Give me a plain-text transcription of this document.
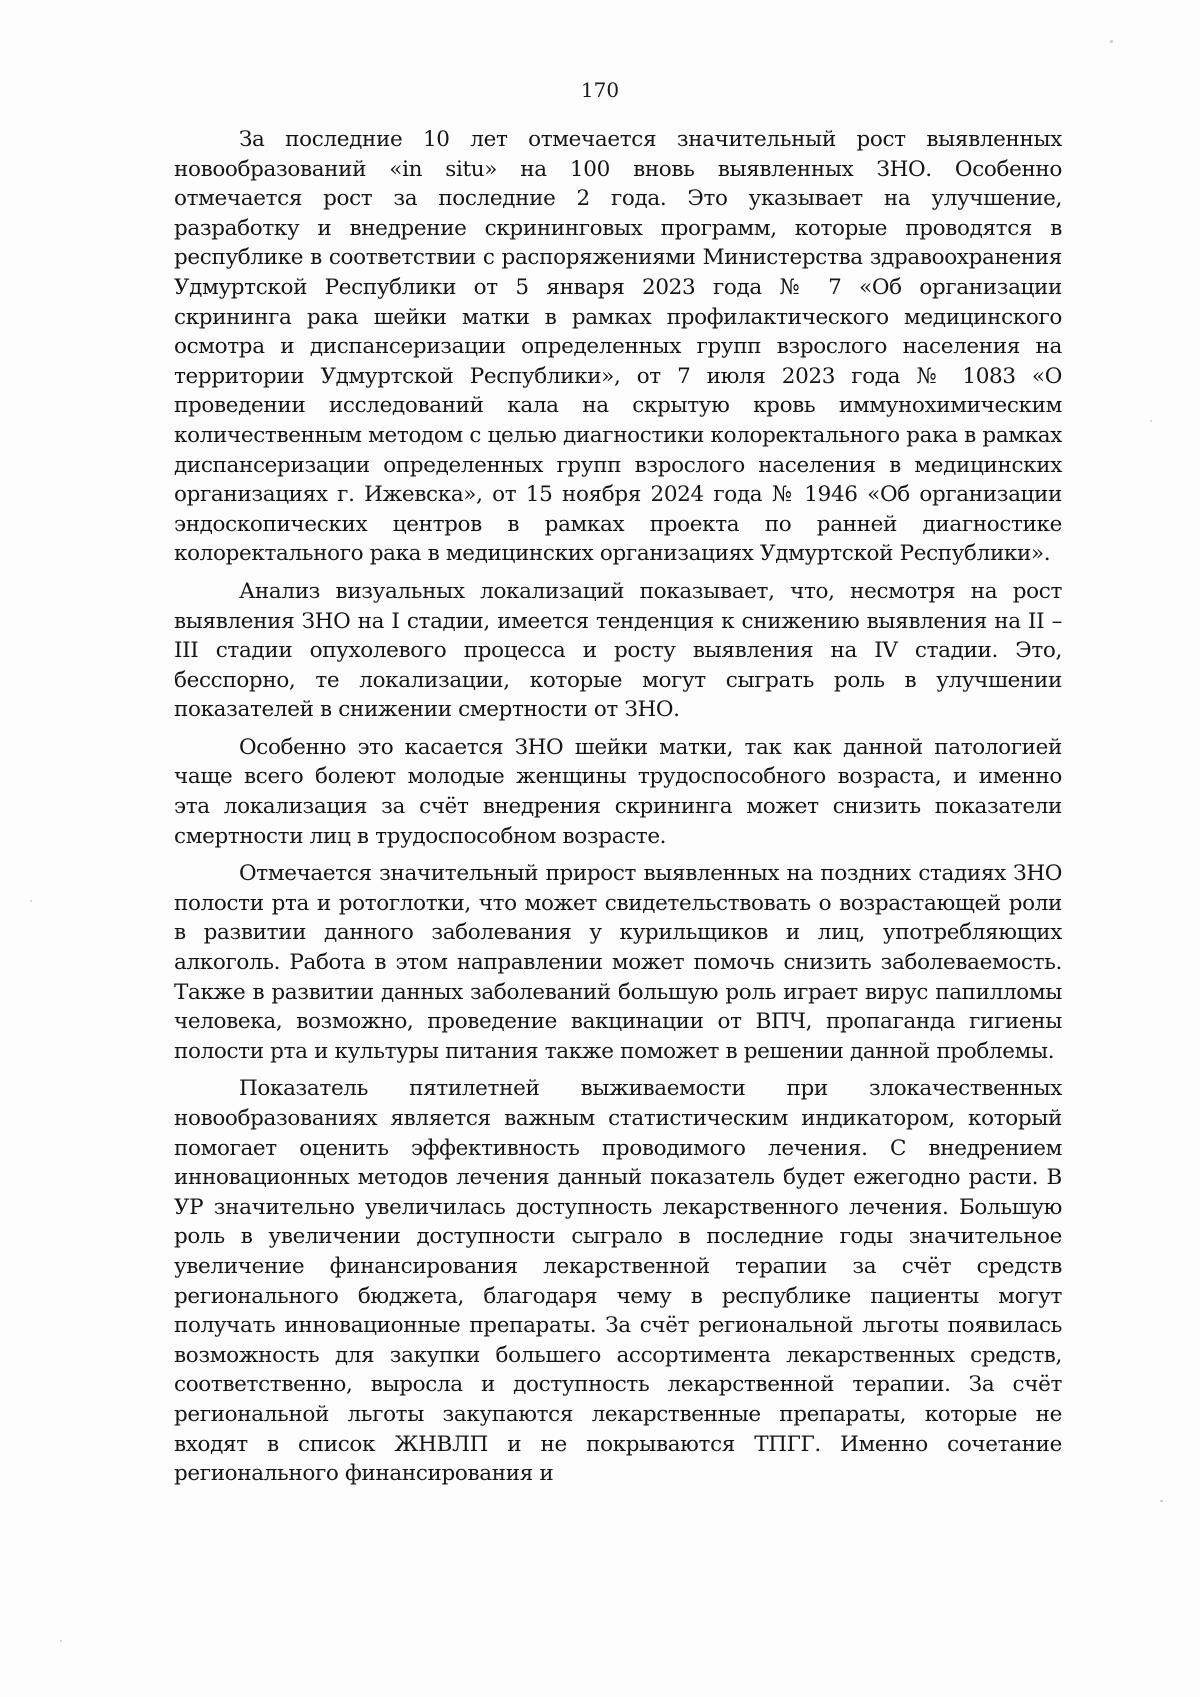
170

За последние 10 лет отмечается значительный рост выявленных новообразований «in situ» на 100 вновь выявленных ЗНО. Особенно отмечается рост за последние 2 года. Это указывает на улучшение, разработку и внедрение скрининговых программ, которые проводятся в республике в соответствии с распоряжениями Министерства здравоохранения Удмуртской Республики от 5 января 2023 года № 7 «Об организации скрининга рака шейки матки в рамках профилактического медицинского осмотра и диспансеризации определенных групп взрослого населения на территории Удмуртской Республики», от 7 июля 2023 года № 1083 «О проведении исследований кала на скрытую кровь иммунохимическим количественным методом с целью диагностики колоректального рака в рамках диспансеризации определенных групп взрослого населения в медицинских организациях г. Ижевска», от 15 ноября 2024 года № 1946 «Об организации эндоскопических центров в рамках проекта по ранней диагностике колоректального рака в медицинских организациях Удмуртской Республики».

Анализ визуальных локализаций показывает, что, несмотря на рост выявления ЗНО на I стадии, имеется тенденция к снижению выявления на II – III стадии опухолевого процесса и росту выявления на IV стадии. Это, бесспорно, те локализации, которые могут сыграть роль в улучшении показателей в снижении смертности от ЗНО.

Особенно это касается ЗНО шейки матки, так как данной патологией чаще всего болеют молодые женщины трудоспособного возраста, и именно эта локализация за счёт внедрения скрининга может снизить показатели смертности лиц в трудоспособном возрасте.

Отмечается значительный прирост выявленных на поздних стадиях ЗНО полости рта и ротоглотки, что может свидетельствовать о возрастающей роли в развитии данного заболевания у курильщиков и лиц, употребляющих алкоголь. Работа в этом направлении может помочь снизить заболеваемость. Также в развитии данных заболеваний большую роль играет вирус папилломы человека, возможно, проведение вакцинации от ВПЧ, пропаганда гигиены полости рта и культуры питания также поможет в решении данной проблемы.

Показатель пятилетней выживаемости при злокачественных новообразованиях является важным статистическим индикатором, который помогает оценить эффективность проводимого лечения. С внедрением инновационных методов лечения данный показатель будет ежегодно расти. В УР значительно увеличилась доступность лекарственного лечения. Большую роль в увеличении доступности сыграло в последние годы значительное увеличение финансирования лекарственной терапии за счёт средств регионального бюджета, благодаря чему в республике пациенты могут получать инновационные препараты. За счёт региональной льготы появилась возможность для закупки большего ассортимента лекарственных средств, соответственно, выросла и доступность лекарственной терапии. За счёт региональной льготы закупаются лекарственные препараты, которые не входят в список ЖНВЛП и не покрываются ТПГГ. Именно сочетание регионального финансирования и
